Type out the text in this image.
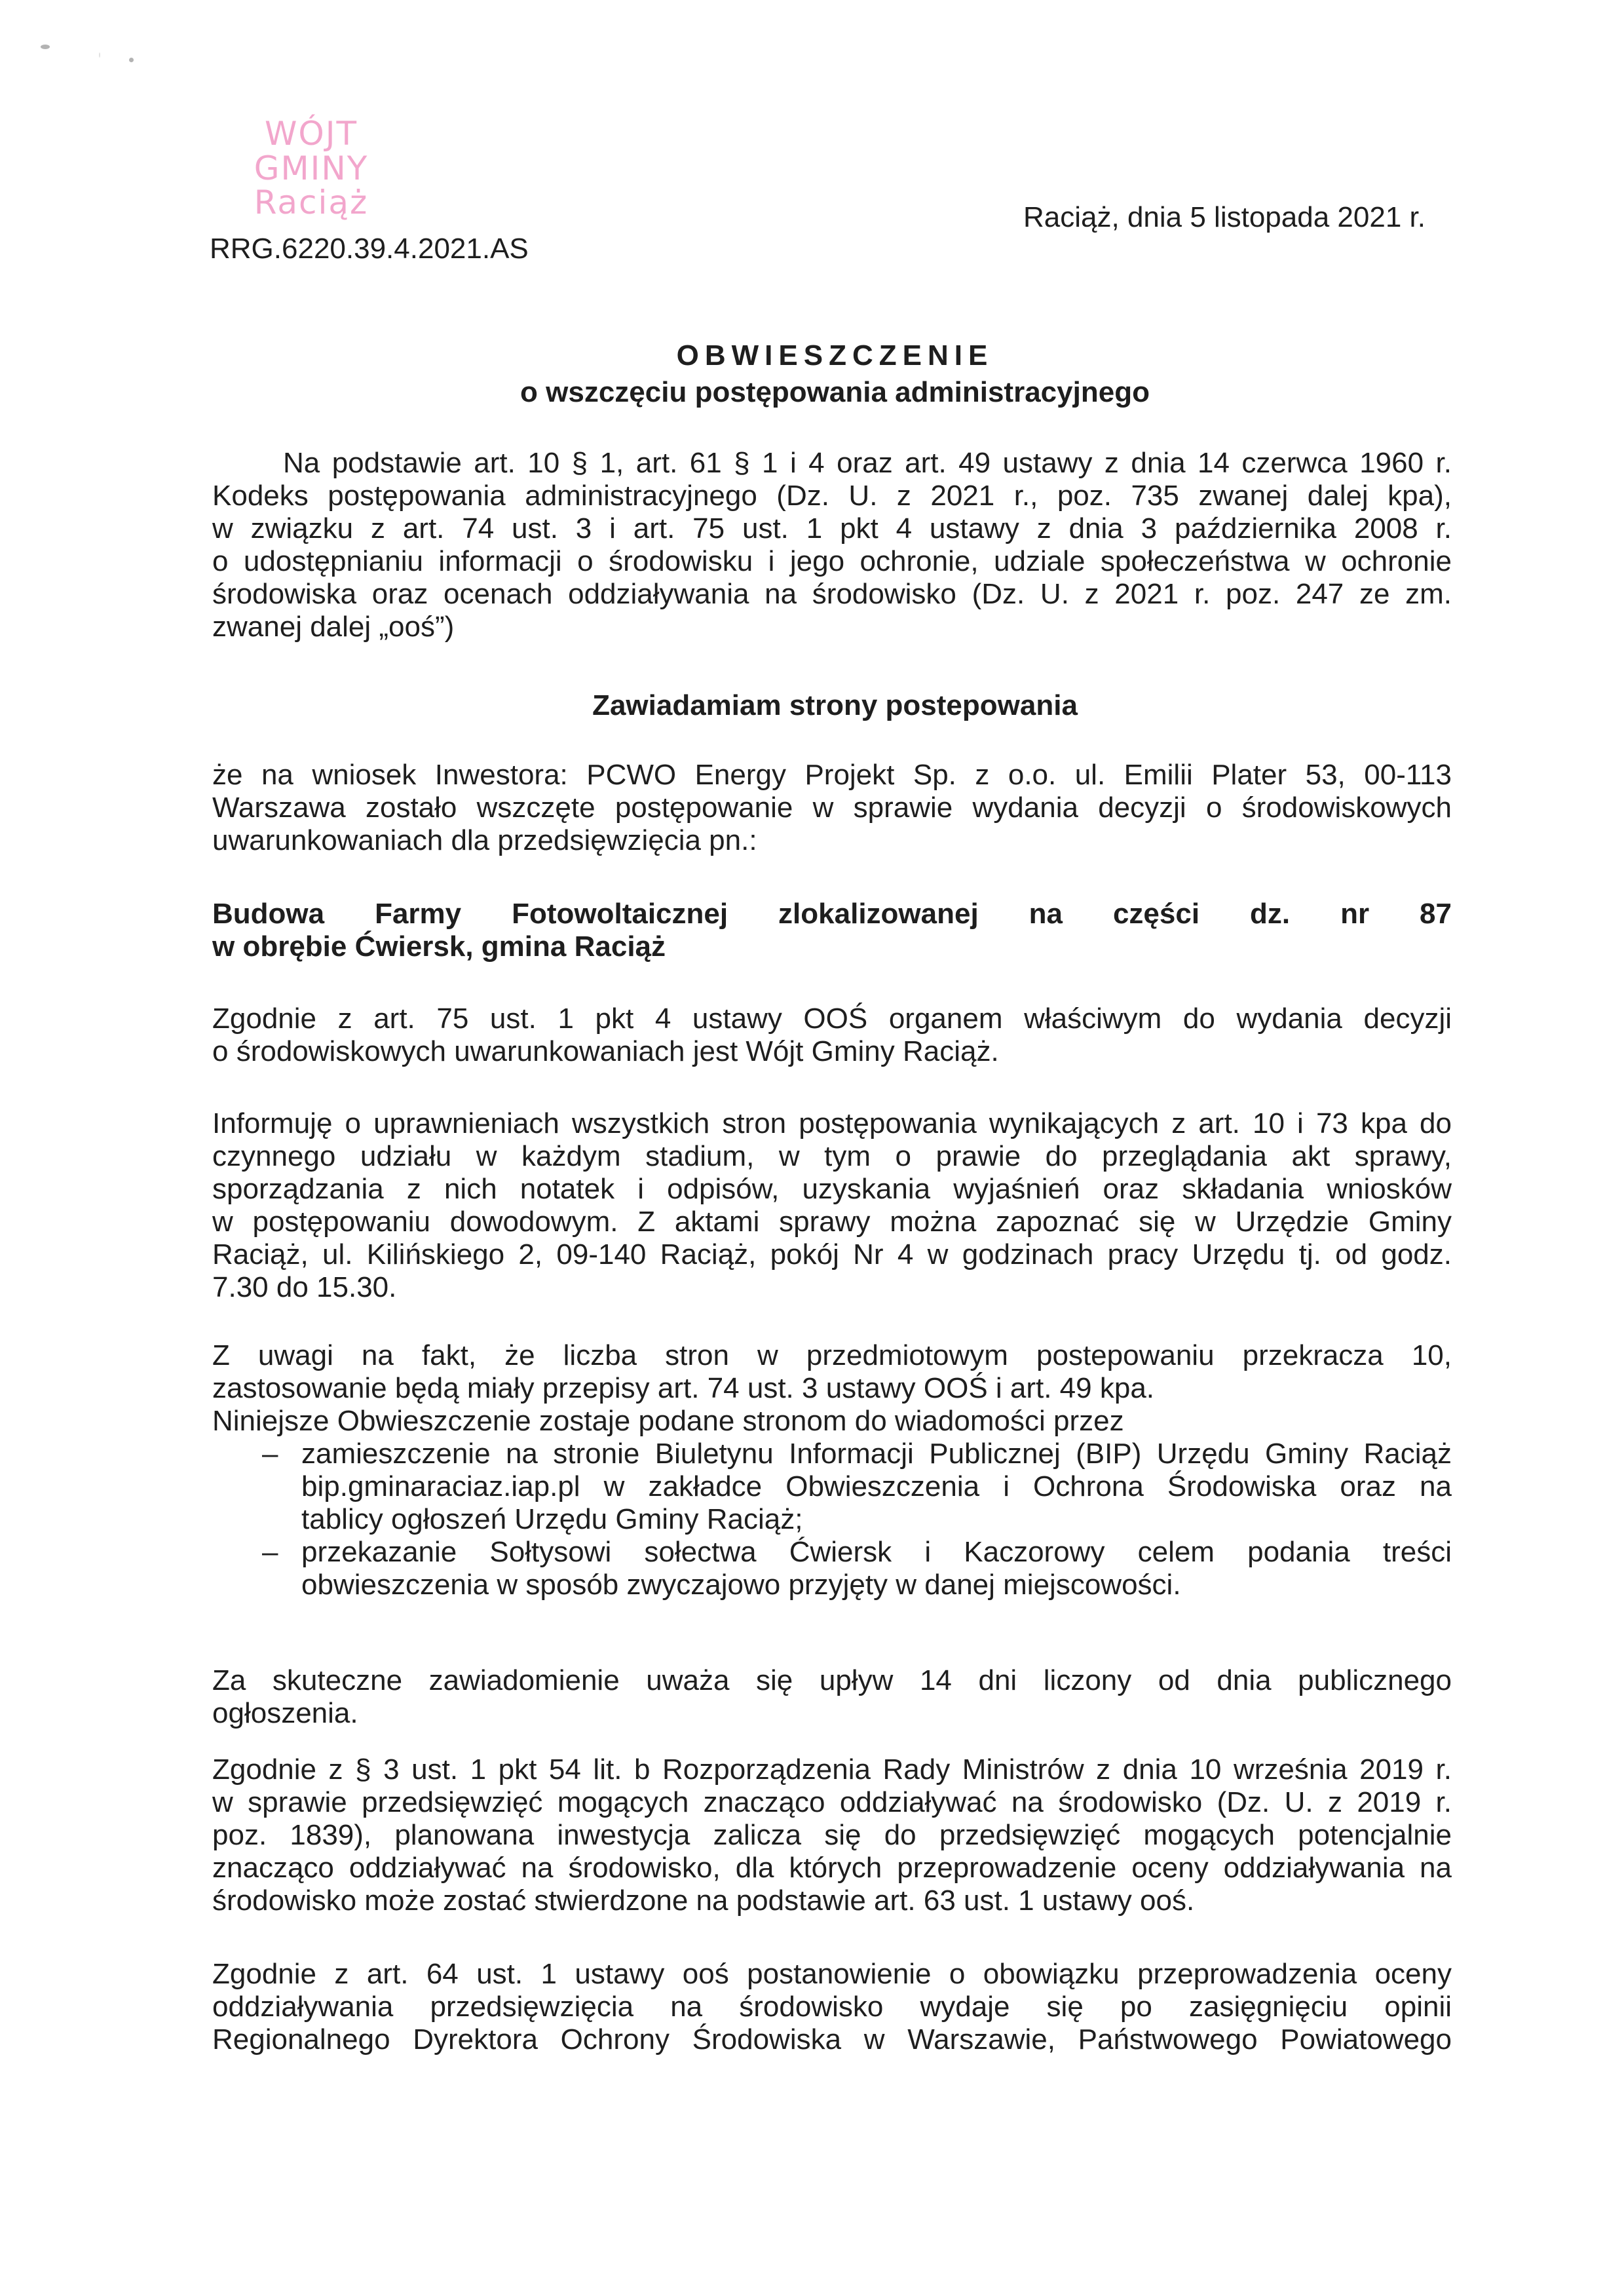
WÓJT GMINY
Raciąż
RRG.6220.39.4.2021.AS
Raciąż, dnia 5 listopada 2021 r.
OBWIESZCZENIE
o wszczęciu postępowania administracyjnego
Na podstawie art. 10 § 1, art. 61 § 1 i 4 oraz art. 49 ustawy z dnia 14 czerwca 1960 r.
Kodeks postępowania administracyjnego (Dz. U. z 2021 r., poz. 735 zwanej dalej kpa),
w związku z art. 74 ust. 3 i art. 75 ust. 1 pkt 4 ustawy z dnia 3 października 2008 r.
o udostępnianiu informacji o środowisku i jego ochronie, udziale społeczeństwa w ochronie
środowiska oraz ocenach oddziaływania na środowisko (Dz. U. z 2021 r. poz. 247 ze zm.
zwanej dalej „ooś”)
Zawiadamiam strony postepowania
że na wniosek Inwestora: PCWO Energy Projekt Sp. z o.o. ul. Emilii Plater 53, 00-113
Warszawa zostało wszczęte postępowanie w sprawie wydania decyzji o środowiskowych
uwarunkowaniach dla przedsięwzięcia pn.:
Budowa Farmy Fotowoltaicznej zlokalizowanej na części dz. nr 87
w obrębie Ćwiersk, gmina Raciąż
Zgodnie z art. 75 ust. 1 pkt 4 ustawy OOŚ organem właściwym do wydania decyzji
o środowiskowych uwarunkowaniach jest Wójt Gminy Raciąż.
Informuję o uprawnieniach wszystkich stron postępowania wynikających z art. 10 i 73 kpa do
czynnego udziału w każdym stadium, w tym o prawie do przeglądania akt sprawy,
sporządzania z nich notatek i odpisów, uzyskania wyjaśnień oraz składania wniosków
w postępowaniu dowodowym. Z aktami sprawy można zapoznać się w Urzędzie Gminy
Raciąż, ul. Kilińskiego 2, 09-140 Raciąż, pokój Nr 4 w godzinach pracy Urzędu tj. od godz.
7.30 do 15.30.
Z uwagi na fakt, że liczba stron w przedmiotowym postepowaniu przekracza 10,
zastosowanie będą miały przepisy art. 74 ust. 3 ustawy OOŚ i art. 49 kpa.
Niniejsze Obwieszczenie zostaje podane stronom do wiadomości przez
– zamieszczenie na stronie Biuletynu Informacji Publicznej (BIP) Urzędu Gminy Raciąż
bip.gminaraciaz.iap.pl w zakładce Obwieszczenia i Ochrona Środowiska oraz na
tablicy ogłoszeń Urzędu Gminy Raciąż;
– przekazanie Sołtysowi sołectwa Ćwiersk i Kaczorowy celem podania treści
obwieszczenia w sposób zwyczajowo przyjęty w danej miejscowości.
Za skuteczne zawiadomienie uważa się upływ 14 dni liczony od dnia publicznego
ogłoszenia.
Zgodnie z § 3 ust. 1 pkt 54 lit. b Rozporządzenia Rady Ministrów z dnia 10 września 2019 r.
w sprawie przedsięwzięć mogących znacząco oddziaływać na środowisko (Dz. U. z 2019 r.
poz. 1839), planowana inwestycja zalicza się do przedsięwzięć mogących potencjalnie
znacząco oddziaływać na środowisko, dla których przeprowadzenie oceny oddziaływania na
środowisko może zostać stwierdzone na podstawie art. 63 ust. 1 ustawy ooś.
Zgodnie z art. 64 ust. 1 ustawy ooś postanowienie o obowiązku przeprowadzenia oceny
oddziaływania przedsięwzięcia na środowisko wydaje się po zasięgnięciu opinii
Regionalnego Dyrektora Ochrony Środowiska w Warszawie, Państwowego Powiatowego
